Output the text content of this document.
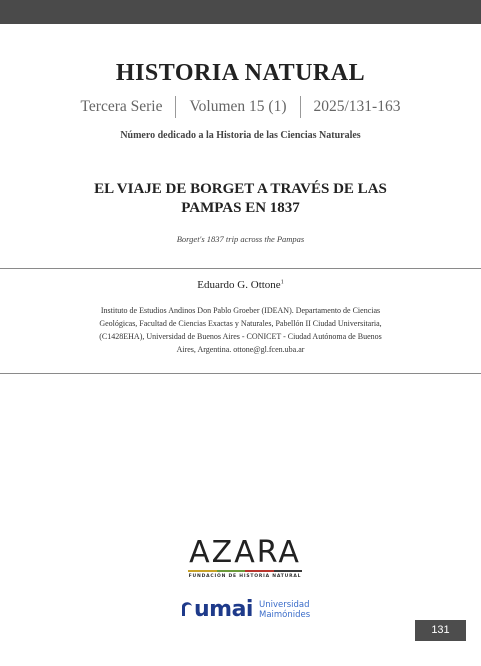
HISTORIA NATURAL
Tercera Serie Volumen 15 (1) 2025/131-163
Número dedicado a la Historia de las Ciencias Naturales
EL VIAJE DE BORGET A TRAVÉS DE LAS
PAMPAS EN 1837
Borget's 1837 trip across the Pampas
Eduardo G. Ottone$^1$
Instituto de Estudios Andinos Don Pablo Groeber (IDEAN). Departamento de Ciencias
Geológicas, Facultad de Ciencias Exactas y Naturales, Pabellón II Ciudad Universitaria,
(C1428EHA), Universidad de Buenos Aires - CONICET - Ciudad Autónoma de Buenos
Aires, Argentina. ottone@gl.fcen.uba.ar
AZARA
FUNDACIÓN DE HISTORIA NATURAL
umai Universidad
Maimónides
131
